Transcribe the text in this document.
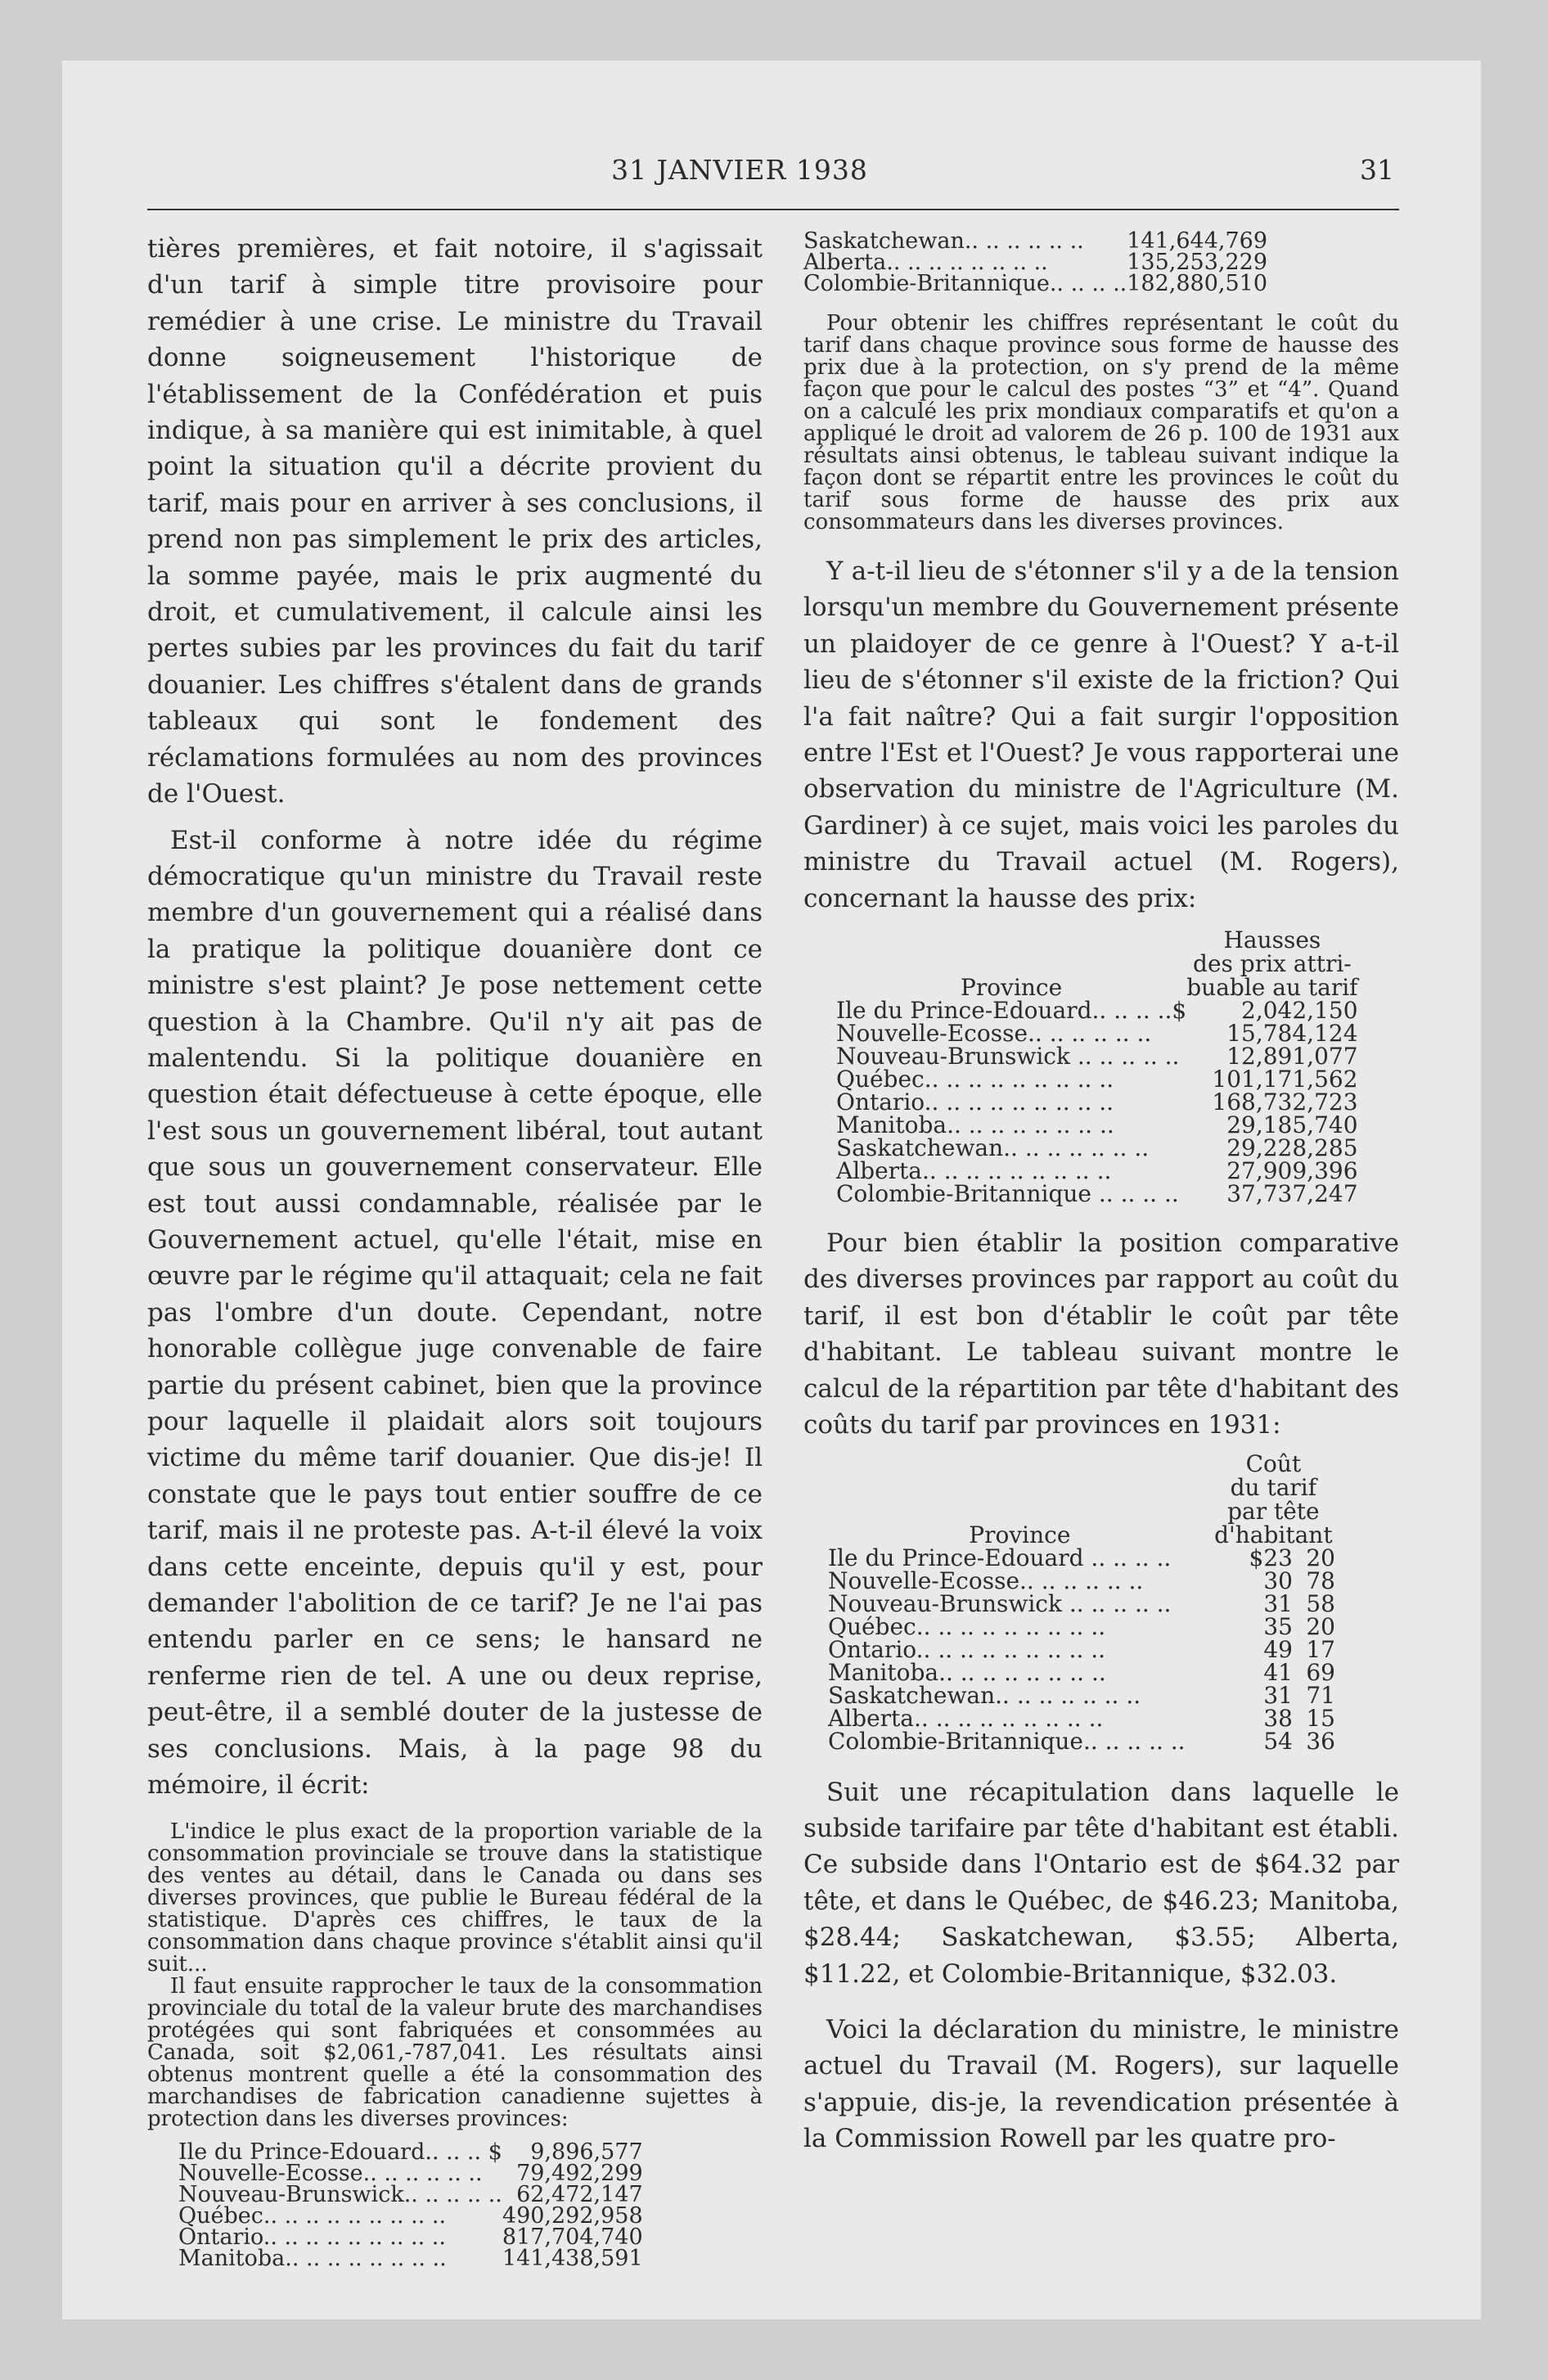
31 JANVIER 1938	31

tières premières, et fait notoire, il s'agissait d'un tarif à simple titre provisoire pour remédier à une crise. Le ministre du Travail donne soigneusement l'historique de l'établissement de la Confédération et puis indique, à sa manière qui est inimitable, à quel point la situation qu'il a décrite provient du tarif, mais pour en arriver à ses conclusions, il prend non pas simplement le prix des articles, la somme payée, mais le prix augmenté du droit, et cumulativement, il calcule ainsi les pertes subies par les provinces du fait du tarif douanier. Les chiffres s'étalent dans de grands tableaux qui sont le fondement des réclamations formulées au nom des provinces de l'Ouest.

Est-il conforme à notre idée du régime démocratique qu'un ministre du Travail reste membre d'un gouvernement qui a réalisé dans la pratique la politique douanière dont ce ministre s'est plaint? Je pose nettement cette question à la Chambre. Qu'il n'y ait pas de malentendu. Si la politique douanière en question était défectueuse à cette époque, elle l'est sous un gouvernement libéral, tout autant que sous un gouvernement conservateur. Elle est tout aussi condamnable, réalisée par le Gouvernement actuel, qu'elle l'était, mise en œuvre par le régime qu'il attaquait; cela ne fait pas l'ombre d'un doute. Cependant, notre honorable collègue juge convenable de faire partie du présent cabinet, bien que la province pour laquelle il plaidait alors soit toujours victime du même tarif douanier. Que dis-je! Il constate que le pays tout entier souffre de ce tarif, mais il ne proteste pas. A-t-il élevé la voix dans cette enceinte, depuis qu'il y est, pour demander l'abolition de ce tarif? Je ne l'ai pas entendu parler en ce sens; le hansard ne renferme rien de tel. A une ou deux reprise, peut-être, il a semblé douter de la justesse de ses conclusions. Mais, à la page 98 du mémoire, il écrit:

L'indice le plus exact de la proportion variable de la consommation provinciale se trouve dans la statistique des ventes au détail, dans le Canada ou dans ses diverses provinces, que publie le Bureau fédéral de la statistique. D'après ces chiffres, le taux de la consommation dans chaque province s'établit ainsi qu'il suit...

Il faut ensuite rapprocher le taux de la consommation provinciale du total de la valeur brute des marchandises protégées qui sont fabriquées et consommées au Canada, soit $2,061,-787,041. Les résultats ainsi obtenus montrent quelle a été la consommation des marchandises de fabrication canadienne sujettes à protection dans les diverses provinces:

Ile du Prince-Edouard.. .. .. $	9,896,577
Nouvelle-Ecosse.. .. .. .. .. ..	79,492,299
Nouveau-Brunswick.. .. .. .. ..	62,472,147
Québec.. .. .. .. .. .. .. .. ..	490,292,958
Ontario.. .. .. .. .. .. .. .. ..	817,704,740
Manitoba.. .. .. .. .. .. .. ..	141,438,591
Saskatchewan.. .. .. .. .. ..	141,644,769
Alberta.. .. .. .. .. .. .. ..	135,253,229
Colombie-Britannique.. .. .. ..	182,880,510

Pour obtenir les chiffres représentant le coût du tarif dans chaque province sous forme de hausse des prix due à la protection, on s'y prend de la même façon que pour le calcul des postes “3” et “4”. Quand on a calculé les prix mondiaux comparatifs et qu'on a appliqué le droit ad valorem de 26 p. 100 de 1931 aux résultats ainsi obtenus, le tableau suivant indique la façon dont se répartit entre les provinces le coût du tarif sous forme de hausse des prix aux consommateurs dans les diverses provinces.

Y a-t-il lieu de s'étonner s'il y a de la tension lorsqu'un membre du Gouvernement présente un plaidoyer de ce genre à l'Ouest? Y a-t-il lieu de s'étonner s'il existe de la friction? Qui l'a fait naître? Qui a fait surgir l'opposition entre l'Est et l'Ouest? Je vous rapporterai une observation du ministre de l'Agriculture (M. Gardiner) à ce sujet, mais voici les paroles du ministre du Travail actuel (M. Rogers), concernant la hausse des prix:

Province	Hausses
des prix attri-
buable au tarif

Ile du Prince-Edouard.. .. .. ..$	2,042,150
Nouvelle-Ecosse.. .. .. .. .. ..	15,784,124
Nouveau-Brunswick .. .. .. .. ..	12,891,077
Québec.. .. .. .. .. .. .. .. ..	101,171,562
Ontario.. .. .. .. .. .. .. .. ..	168,732,723
Manitoba.. .. .. .. .. .. .. ..	29,185,740
Saskatchewan.. .. .. .. .. .. ..	29,228,285
Alberta.. .. .. .. .. .. .. .. ..	27,909,396
Colombie-Britannique .. .. .. ..	37,737,247

Pour bien établir la position comparative des diverses provinces par rapport au coût du tarif, il est bon d'établir le coût par tête d'habitant. Le tableau suivant montre le calcul de la répartition par tête d'habitant des coûts du tarif par provinces en 1931:

Province	Coût
du tarif
par tête
d'habitant	

Ile du Prince-Edouard .. .. .. ..	$23	20
Nouvelle-Ecosse.. .. .. .. .. ..	30	78
Nouveau-Brunswick .. .. .. .. ..	31	58
Québec.. .. .. .. .. .. .. .. ..	35	20
Ontario.. .. .. .. .. .. .. .. ..	49	17
Manitoba.. .. .. .. .. .. .. ..	41	69
Saskatchewan.. .. .. .. .. .. ..	31	71
Alberta.. .. .. .. .. .. .. .. ..	38	15
Colombie-Britannique.. .. .. .. ..	54	36

Suit une récapitulation dans laquelle le subside tarifaire par tête d'habitant est établi. Ce subside dans l'Ontario est de $64.32 par tête, et dans le Québec, de $46.23; Manitoba, $28.44; Saskatchewan, $3.55; Alberta, $11.22, et Colombie-Britannique, $32.03.

Voici la déclaration du ministre, le ministre actuel du Travail (M. Rogers), sur laquelle s'appuie, dis-je, la revendication présentée à la Commission Rowell par les quatre pro-
